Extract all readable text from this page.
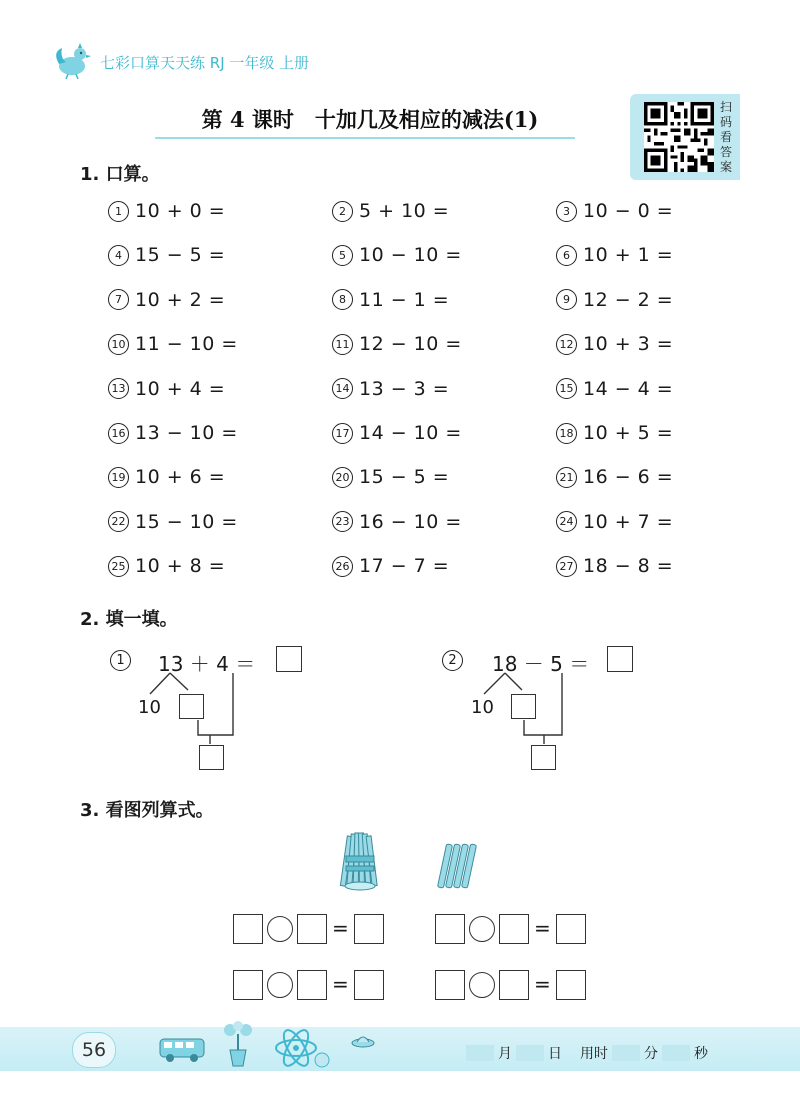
七彩口算天天练 RJ 一年级 上册
第 4 课时　十加几及相应的减法(1)	扫码看答案
1. 口算。
1 10 + 0 =	2 5 + 10 =	3 10 − 0 =
4 15 − 5 =	5 10 − 10 =	6 10 + 1 =
7 10 + 2 =	8 11 − 1 =	9 12 − 2 =
10 11 − 10 =	11 12 − 10 =	12 10 + 3 =
13 10 + 4 =	14 13 − 3 =	15 14 − 4 =
16 13 − 10 =	17 14 − 10 =	18 10 + 5 =
19 10 + 6 =	20 15 − 5 =	21 16 − 6 =
22 15 − 10 =	23 16 − 10 =	24 10 + 7 =
25 10 + 8 =	26 17 − 7 =	27 18 − 8 =
2. 填一填。
1	13 ＋ 4 ＝
10
2	18 － 5 ＝
10
3. 看图列算式。
=	=
=	=
56	月	日 用时	分	秒
